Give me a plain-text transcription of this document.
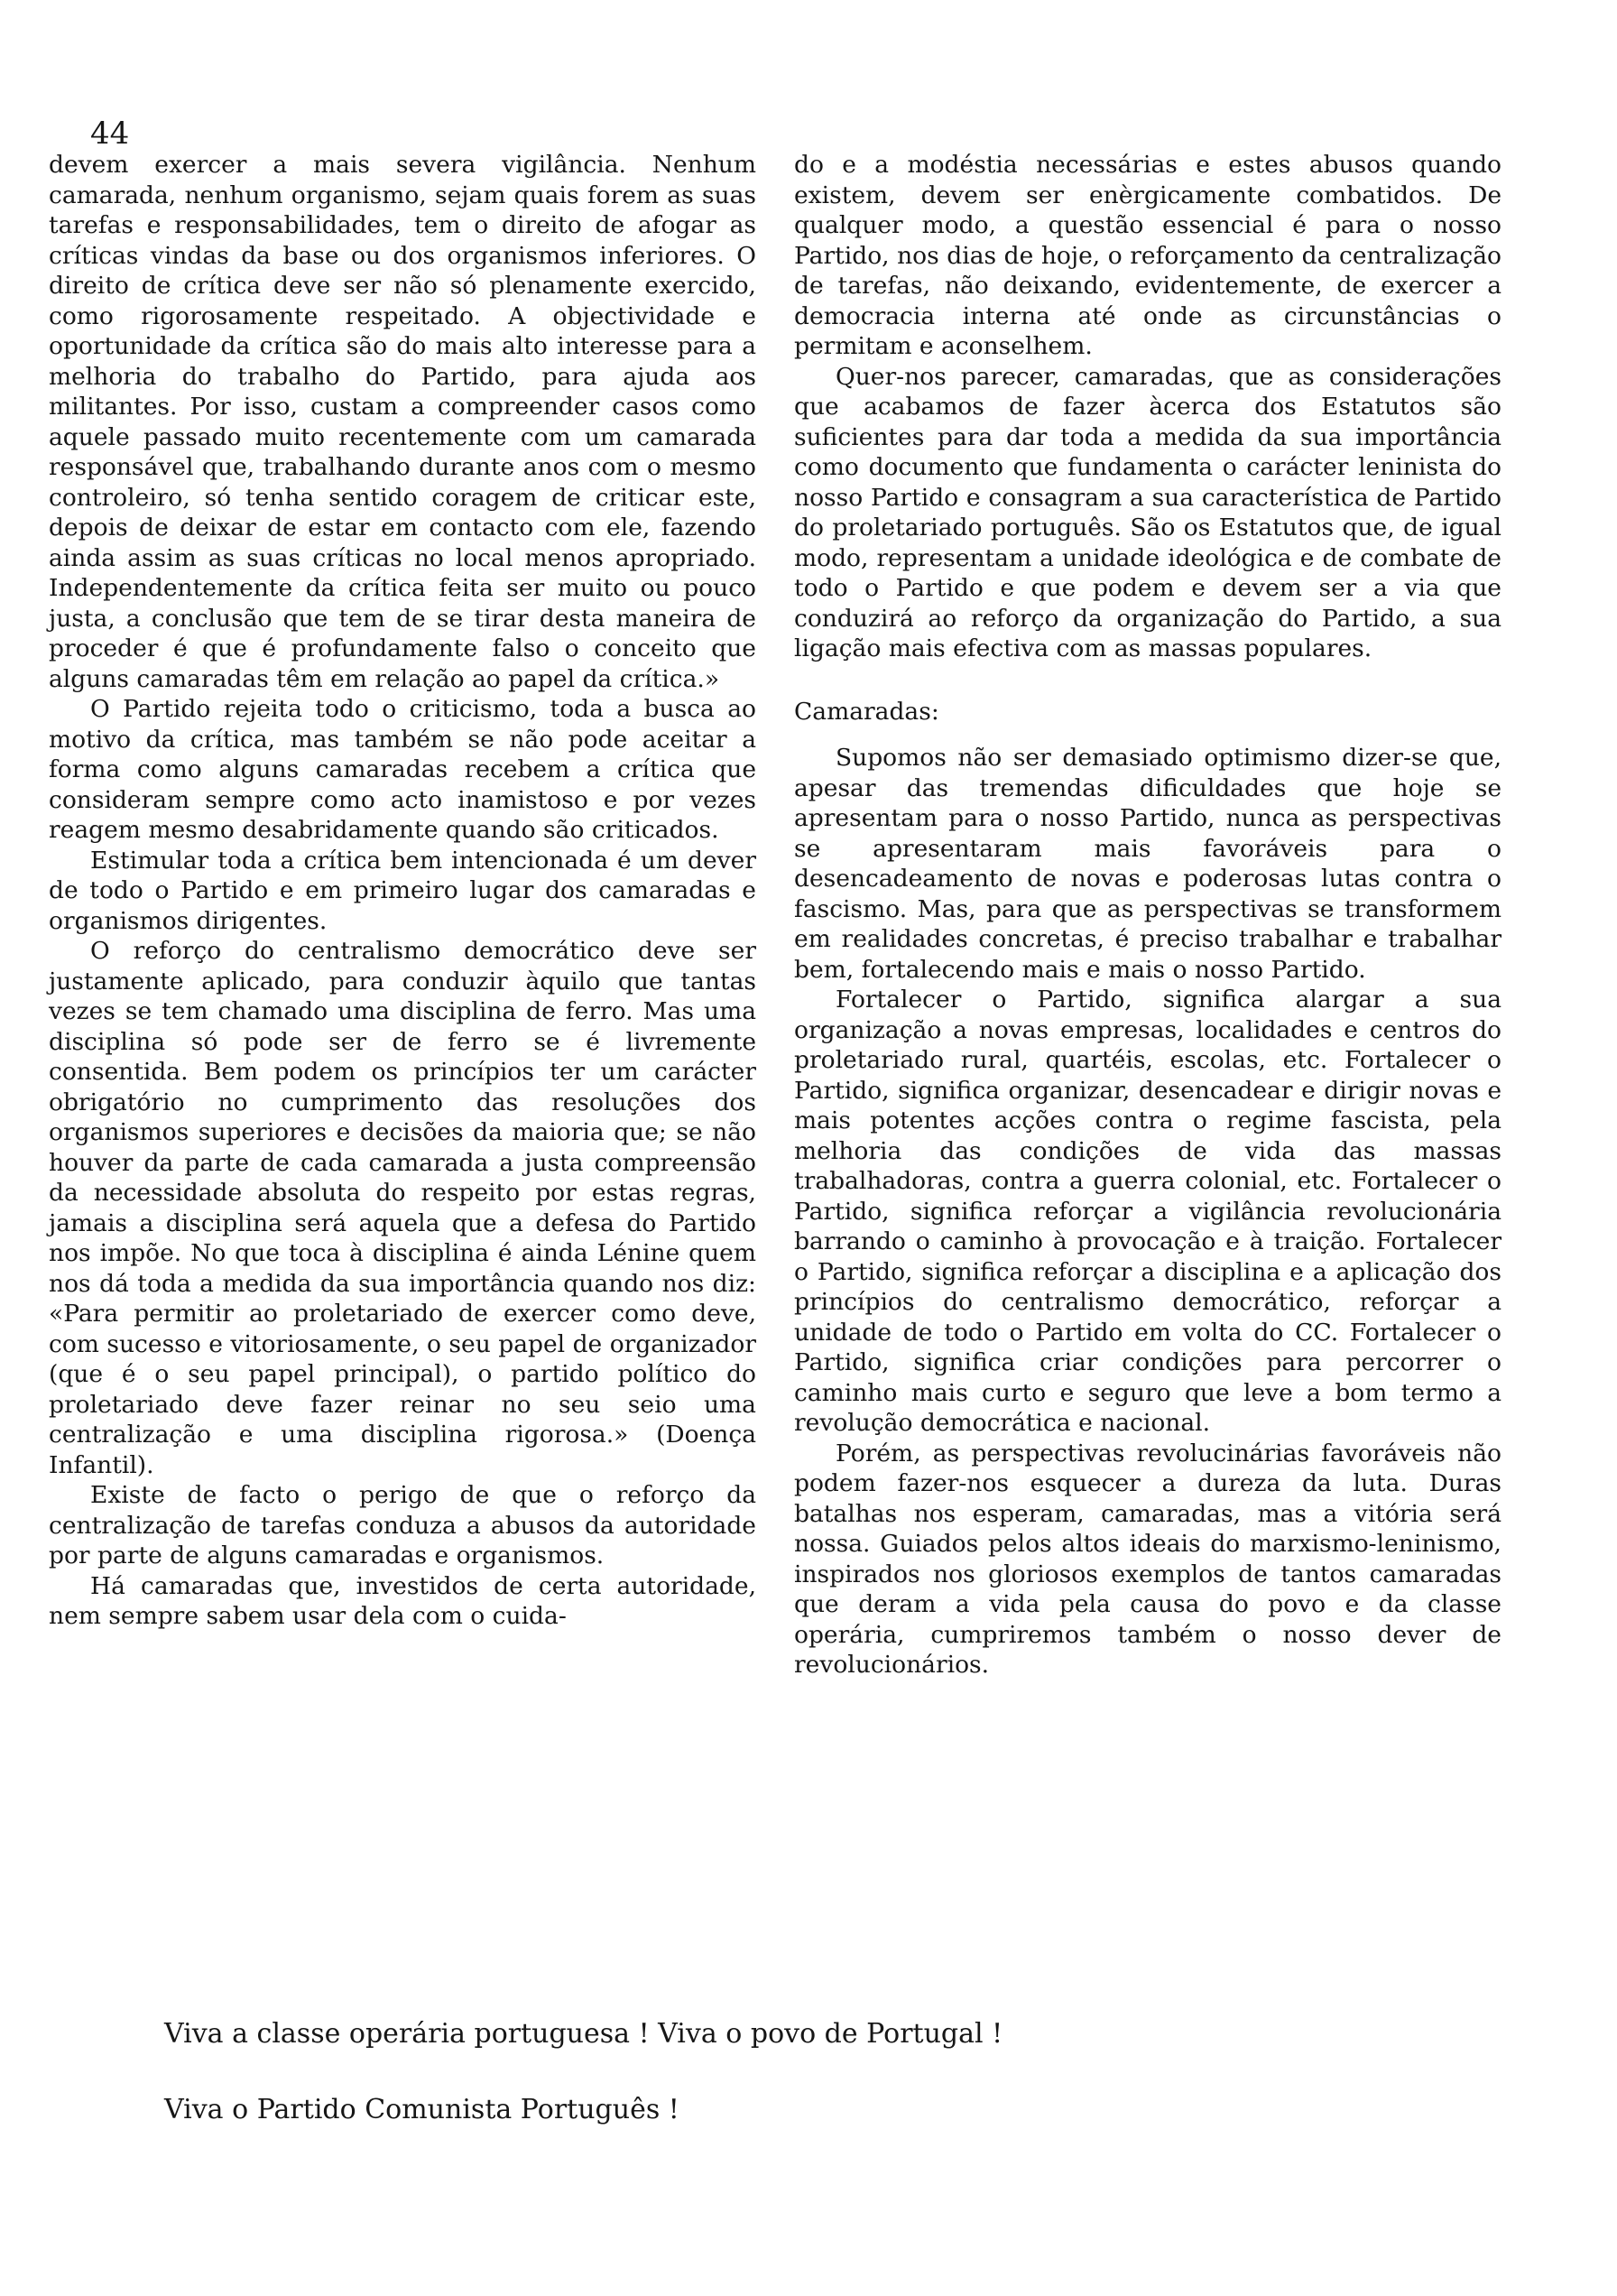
44

devem exercer a mais severa vigilância. Nenhum camarada, nenhum organismo, sejam quais forem as suas tarefas e responsabilidades, tem o direito de afogar as críticas vindas da base ou dos organismos inferiores. O direito de crítica deve ser não só plenamente exercido, como rigorosamente respeitado. A objectividade e oportunidade da crítica são do mais alto interesse para a melhoria do trabalho do Partido, para ajuda aos militantes. Por isso, custam a compreender casos como aquele passado muito recentemente com um camarada responsável que, trabalhando durante anos com o mesmo controleiro, só tenha sentido coragem de criticar este, depois de deixar de estar em contacto com ele, fazendo ainda assim as suas críticas no local menos apropriado. Independentemente da crítica feita ser muito ou pouco justa, a conclusão que tem de se tirar desta maneira de proceder é que é profundamente falso o conceito que alguns camaradas têm em relação ao papel da crítica.»

O Partido rejeita todo o criticismo, toda a busca ao motivo da crítica, mas também se não pode aceitar a forma como alguns camaradas recebem a crítica que consideram sempre como acto inamistoso e por vezes reagem mesmo desabridamente quando são criticados.

Estimular toda a crítica bem intencionada é um dever de todo o Partido e em primeiro lugar dos camaradas e organismos dirigentes.

O reforço do centralismo democrático deve ser justamente aplicado, para conduzir àquilo que tantas vezes se tem chamado uma disciplina de ferro. Mas uma disciplina só pode ser de ferro se é livremente consentida. Bem podem os princípios ter um carácter obrigatório no cumprimento das resoluções dos organismos superiores e decisões da maioria que; se não houver da parte de cada camarada a justa compreensão da necessidade absoluta do respeito por estas regras, jamais a disciplina será aquela que a defesa do Partido nos impõe. No que toca à disciplina é ainda Lénine quem nos dá toda a medida da sua importância quando nos diz: «Para permitir ao proletariado de exercer como deve, com sucesso e vitoriosamente, o seu papel de organizador (que é o seu papel principal), o partido político do proletariado deve fazer reinar no seu seio uma centralização e uma disciplina rigorosa.» (Doença Infantil).

Existe de facto o perigo de que o reforço da centralização de tarefas conduza a abusos da autoridade por parte de alguns camaradas e organismos.

Há camaradas que, investidos de certa autoridade, nem sempre sabem usar dela com o cuida-

do e a modéstia necessárias e estes abusos quando existem, devem ser enèrgicamente combatidos. De qualquer modo, a questão essencial é para o nosso Partido, nos dias de hoje, o reforçamento da centralização de tarefas, não deixando, evidentemente, de exercer a democracia interna até onde as circunstâncias o permitam e aconselhem.

Quer-nos parecer, camaradas, que as considerações que acabamos de fazer àcerca dos Estatutos são suficientes para dar toda a medida da sua importância como documento que fundamenta o carácter leninista do nosso Partido e consagram a sua característica de Partido do proletariado português. São os Estatutos que, de igual modo, representam a unidade ideológica e de combate de todo o Partido e que podem e devem ser a via que conduzirá ao reforço da organização do Partido, a sua ligação mais efectiva com as massas populares.

Camaradas:

Supomos não ser demasiado optimismo dizer-se que, apesar das tremendas dificuldades que hoje se apresentam para o nosso Partido, nunca as perspectivas se apresentaram mais favoráveis para o desencadeamento de novas e poderosas lutas contra o fascismo. Mas, para que as perspectivas se transformem em realidades concretas, é preciso trabalhar e trabalhar bem, fortalecendo mais e mais o nosso Partido.

Fortalecer o Partido, significa alargar a sua organização a novas empresas, localidades e centros do proletariado rural, quartéis, escolas, etc. Fortalecer o Partido, significa organizar, desencadear e dirigir novas e mais potentes acções contra o regime fascista, pela melhoria das condições de vida das massas trabalhadoras, contra a guerra colonial, etc. Fortalecer o Partido, significa reforçar a vigilância revolucionária barrando o caminho à provocação e à traição. Fortalecer o Partido, significa reforçar a disciplina e a aplicação dos princípios do centralismo democrático, reforçar a unidade de todo o Partido em volta do CC. Fortalecer o Partido, significa criar condições para percorrer o caminho mais curto e seguro que leve a bom termo a revolução democrática e nacional.

Porém, as perspectivas revolucinárias favoráveis não podem fazer-nos esquecer a dureza da luta. Duras batalhas nos esperam, camaradas, mas a vitória será nossa. Guiados pelos altos ideais do marxismo-leninismo, inspirados nos gloriosos exemplos de tantos camaradas que deram a vida pela causa do povo e da classe operária, cumpriremos também o nosso dever de revolucionários.

Viva a classe operária portuguesa ! Viva o povo de Portugal !
Viva o Partido Comunista Português !
